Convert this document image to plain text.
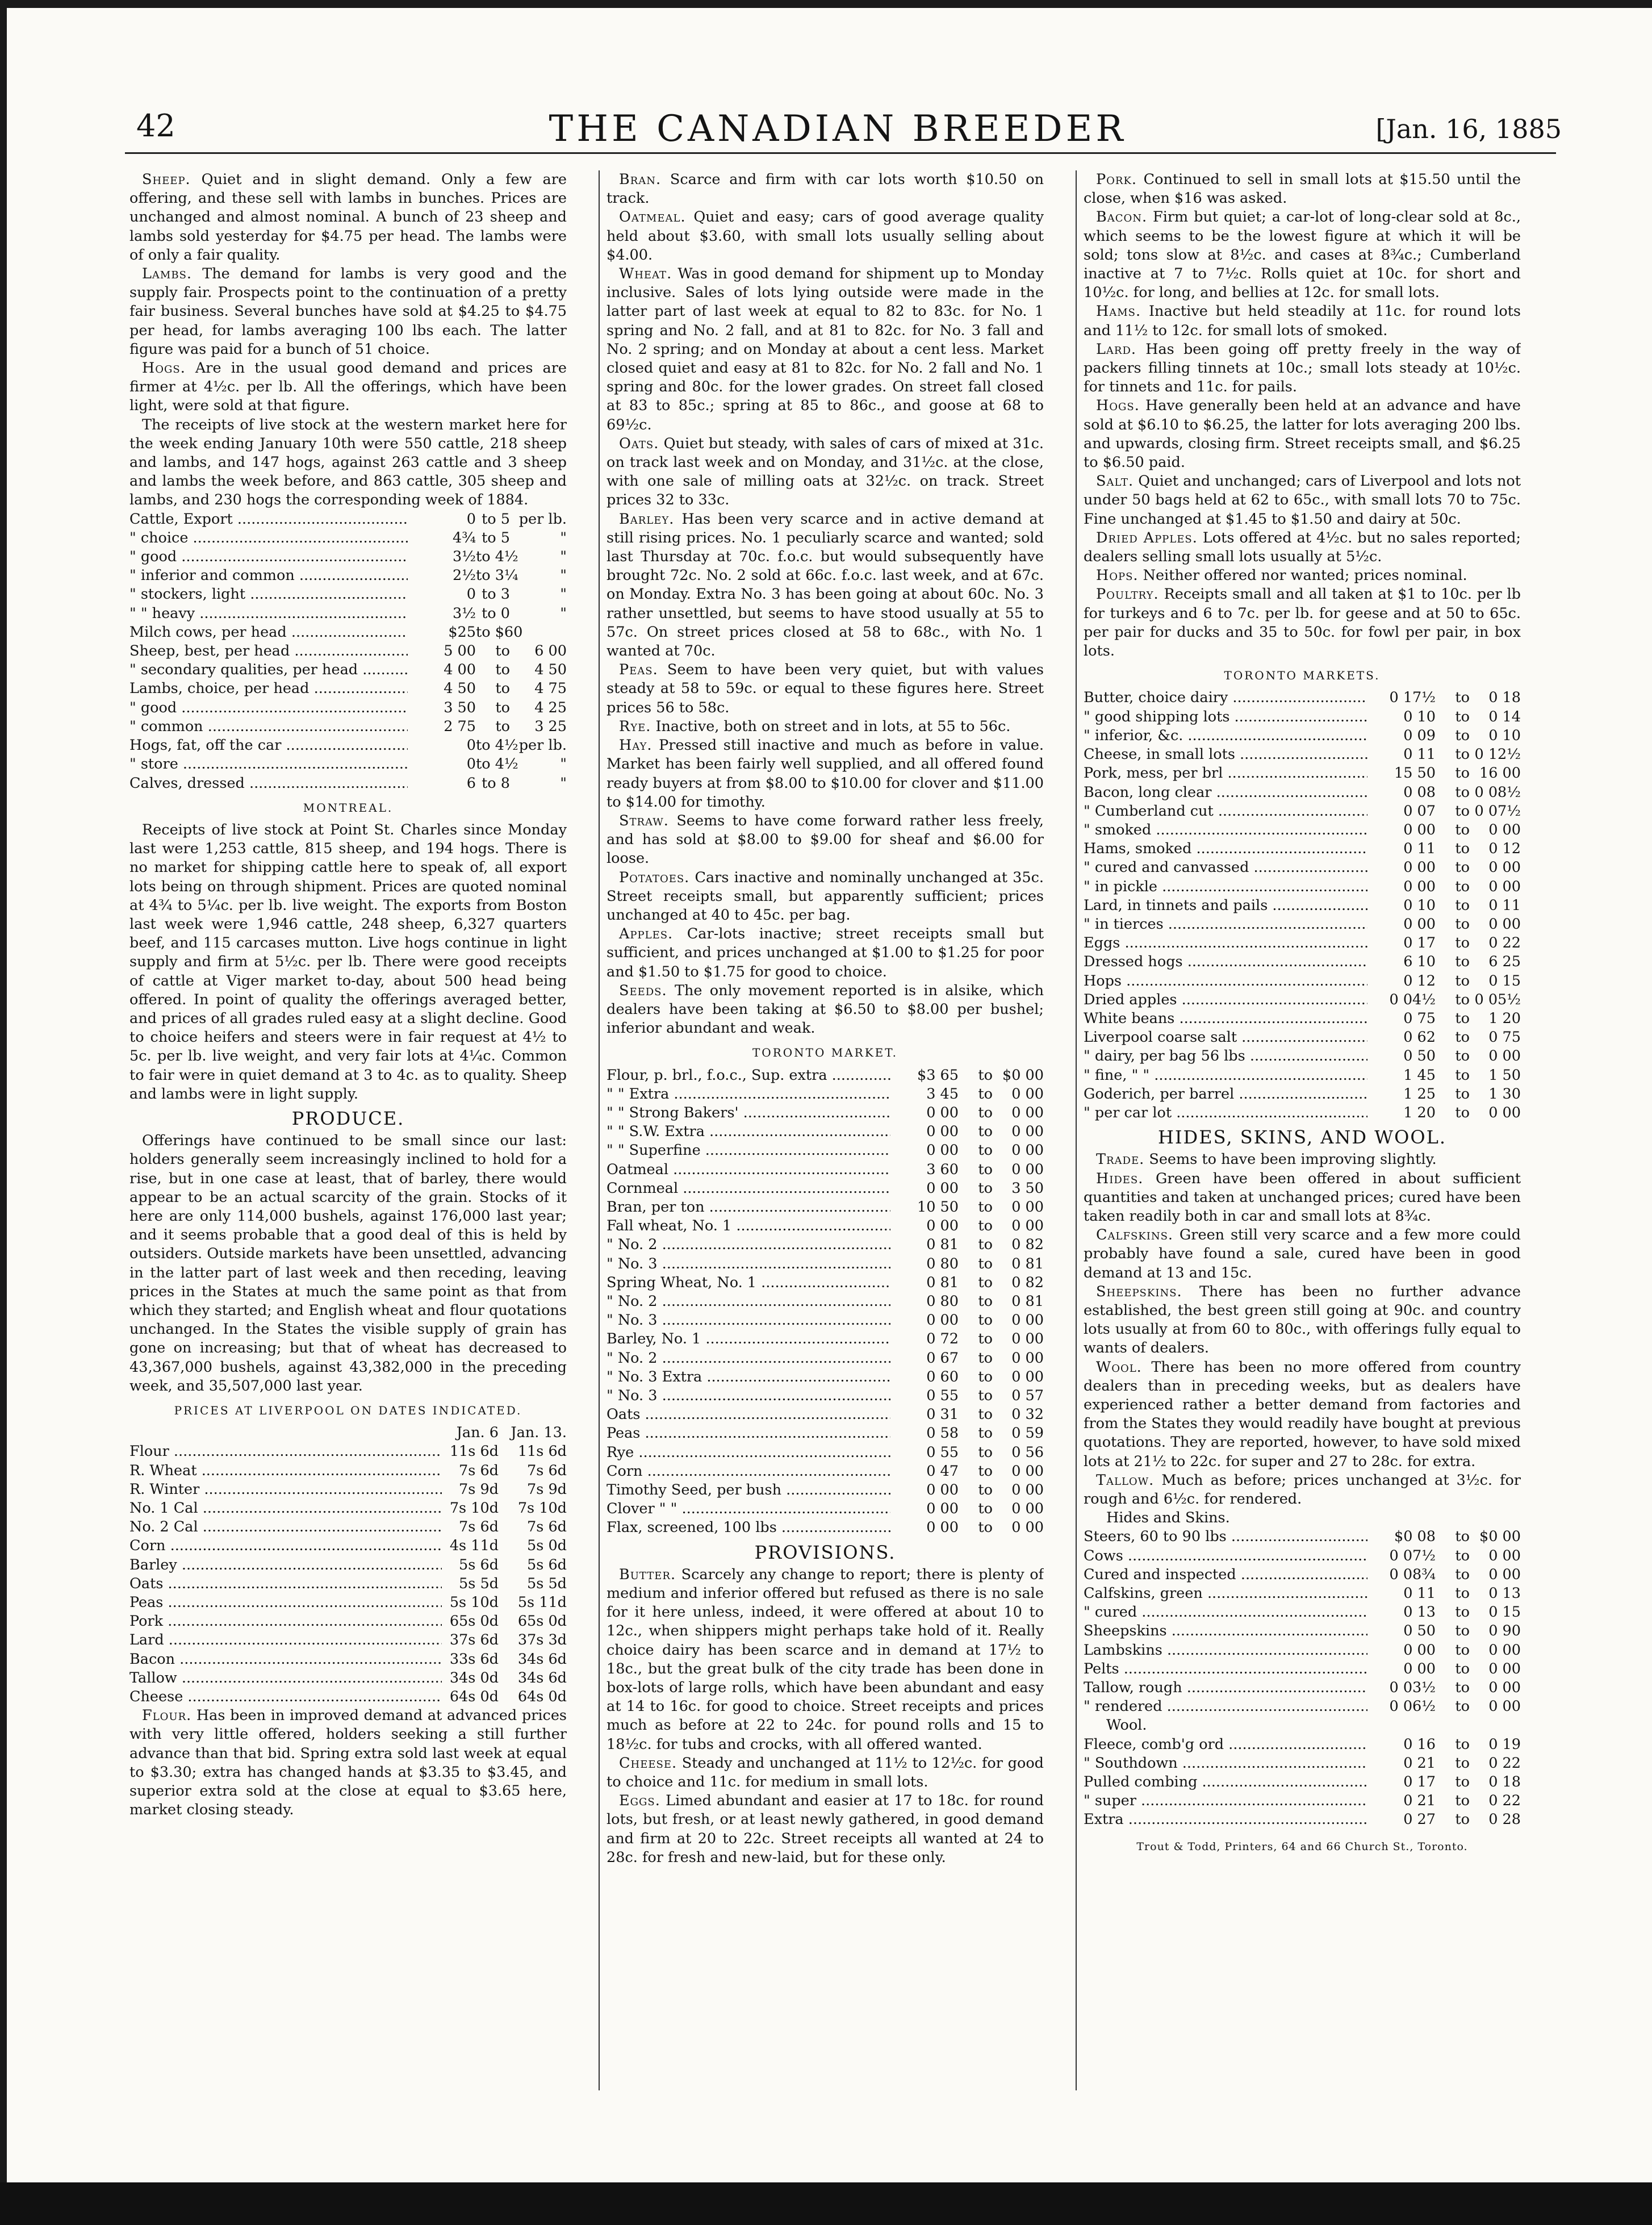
42	THE CANADIAN BREEDER	[Jan. 16, 1885

Sheep. Quiet and in slight demand. Only a few are offering, and these sell with lambs in bunches. Prices are unchanged and almost nominal. A bunch of 23 sheep and lambs sold yesterday for $4.75 per head. The lambs were of only a fair quality.

Lambs. The demand for lambs is very good and the supply fair. Prospects point to the continuation of a pretty fair business. Several bunches have sold at $4.25 to $4.75 per head, for lambs averaging 100 lbs each. The latter figure was paid for a bunch of 51 choice.

Hogs. Are in the usual good demand and prices are firmer at 4½c. per lb. All the offerings, which have been light, were sold at that figure.

The receipts of live stock at the western market here for the week ending January 10th were 550 cattle, 218 sheep and lambs, and 147 hogs, against 263 cattle and 3 sheep and lambs the week before, and 863 cattle, 305 sheep and lambs, and 230 hogs the corresponding week of 1884.

Cattle, Export .....	0 to 5 per lb.
" choice .....	4¾ to 5	"
" good .....	3½ to 4½	"
" inferior and common .....	2½ to 3¼	"
" stockers, light .....	0 to 3	"
" " heavy .....	3½ to 0	"
Milch cows, per head .....	$25 to $60
Sheep, best, per head .....	5 00	to	6 00
" secondary qualities, per head .....	4 00	to	4 50
Lambs, choice, per head .....	4 50	to	4 75
" good .....	3 50	to	4 25
" common .....	2 75	to	3 25
Hogs, fat, off the car .....	0 to 4½ per lb.
" store .....	0 to 4½	"
Calves, dressed .....	6 to 8	"
MONTREAL.

Receipts of live stock at Point St. Charles since Monday last were 1,253 cattle, 815 sheep, and 194 hogs. There is no market for shipping cattle here to speak of, all export lots being on through shipment. Prices are quoted nominal at 4¾ to 5¼c. per lb. live weight. The exports from Boston last week were 1,946 cattle, 248 sheep, 6,327 quarters beef, and 115 carcases mutton. Live hogs continue in light supply and firm at 5½c. per lb. There were good receipts of cattle at Viger market to-day, about 500 head being offered. In point of quality the offerings averaged better, and prices of all grades ruled easy at a slight decline. Good to choice heifers and steers were in fair request at 4½ to 5c. per lb. live weight, and very fair lots at 4¼c. Common to fair were in quiet demand at 3 to 4c. as to quality. Sheep and lambs were in light supply.

PRODUCE.

Offerings have continued to be small since our last: holders generally seem increasingly inclined to hold for a rise, but in one case at least, that of barley, there would appear to be an actual scarcity of the grain. Stocks of it here are only 114,000 bushels, against 176,000 last year; and it seems probable that a good deal of this is held by outsiders. Outside markets have been unsettled, advancing in the latter part of last week and then receding, leaving prices in the States at much the same point as that from which they started; and English wheat and flour quotations unchanged. In the States the visible supply of grain has gone on increasing; but that of wheat has decreased to 43,367,000 bushels, against 43,382,000 in the preceding week, and 35,507,000 last year.

PRICES AT LIVERPOOL ON DATES INDICATED.
Jan. 6 Jan. 13.
Flour .....	11s 6d	11s 6d
R. Wheat .....	7s 6d	7s 6d
R. Winter .....	7s 9d	7s 9d
No. 1 Cal .....	7s 10d	7s 10d
No. 2 Cal .....	7s 6d	7s 6d
Corn .....	4s 11d	5s 0d
Barley .....	5s 6d	5s 6d
Oats .....	5s 5d	5s 5d
Peas .....	5s 10d	5s 11d
Pork .....	65s 0d	65s 0d
Lard .....	37s 6d	37s 3d
Bacon .....	33s 6d	34s 6d
Tallow .....	34s 0d	34s 6d
Cheese .....	64s 0d	64s 0d

Flour. Has been in improved demand at advanced prices with very little offered, holders seeking a still further advance than that bid. Spring extra sold last week at equal to $3.30; extra has changed hands at $3.35 to $3.45, and superior extra sold at the close at equal to $3.65 here, market closing steady.

Bran. Scarce and firm with car lots worth $10.50 on track.

Oatmeal. Quiet and easy; cars of good average quality held about $3.60, with small lots usually selling about $4.00.

Wheat. Was in good demand for shipment up to Monday inclusive. Sales of lots lying outside were made in the latter part of last week at equal to 82 to 83c. for No. 1 spring and No. 2 fall, and at 81 to 82c. for No. 3 fall and No. 2 spring; and on Monday at about a cent less. Market closed quiet and easy at 81 to 82c. for No. 2 fall and No. 1 spring and 80c. for the lower grades. On street fall closed at 83 to 85c.; spring at 85 to 86c., and goose at 68 to 69½c.

Oats. Quiet but steady, with sales of cars of mixed at 31c. on track last week and on Monday, and 31½c. at the close, with one sale of milling oats at 32½c. on track. Street prices 32 to 33c.

Barley. Has been very scarce and in active demand at still rising prices. No. 1 peculiarly scarce and wanted; sold last Thursday at 70c. f.o.c. but would subsequently have brought 72c. No. 2 sold at 66c. f.o.c. last week, and at 67c. on Monday. Extra No. 3 has been going at about 60c. No. 3 rather unsettled, but seems to have stood usually at 55 to 57c. On street prices closed at 58 to 68c., with No. 1 wanted at 70c.

Peas. Seem to have been very quiet, but with values steady at 58 to 59c. or equal to these figures here. Street prices 56 to 58c.

Rye. Inactive, both on street and in lots, at 55 to 56c.

Hay. Pressed still inactive and much as before in value. Market has been fairly well supplied, and all offered found ready buyers at from $8.00 to $10.00 for clover and $11.00 to $14.00 for timothy.

Straw. Seems to have come forward rather less freely, and has sold at $8.00 to $9.00 for sheaf and $6.00 for loose.

Potatoes. Cars inactive and nominally unchanged at 35c. Street receipts small, but apparently sufficient; prices unchanged at 40 to 45c. per bag.

Apples. Car-lots inactive; street receipts small but sufficient, and prices unchanged at $1.00 to $1.25 for poor and $1.50 to $1.75 for good to choice.

Seeds. The only movement reported is in alsike, which dealers have been taking at $6.50 to $8.00 per bushel; inferior abundant and weak.

TORONTO MARKET.
Flour, p. brl., f.o.c., Sup. extra .....	$3 65	to $0 00
" " Extra .....	3 45	to	0 00
" " Strong Bakers' .....	0 00	to	0 00
" " S.W. Extra .....	0 00	to	0 00
" " Superfine .....	0 00	to	0 00
Oatmeal .....	3 60	to	0 00
Cornmeal .....	0 00	to	3 50
Bran, per ton .....	10 50	to	0 00
Fall wheat, No. 1 .....	0 00	to	0 00
" No. 2 .....	0 81	to	0 82
" No. 3 .....	0 80	to	0 81
Spring Wheat, No. 1 .....	0 81	to	0 82
" No. 2 .....	0 80	to	0 81
" No. 3 .....	0 00	to	0 00
Barley, No. 1 .....	0 72	to	0 00
" No. 2 .....	0 67	to	0 00
" No. 3 Extra .....	0 60	to	0 00
" No. 3 .....	0 55	to	0 57
Oats .....	0 31	to	0 32
Peas .....	0 58	to	0 59
Rye .....	0 55	to	0 56
Corn .....	0 47	to	0 00
Timothy Seed, per bush .....	0 00	to	0 00
Clover " " .....	0 00	to	0 00
Flax, screened, 100 lbs .....	0 00	to	0 00
PROVISIONS.

Butter. Scarcely any change to report; there is plenty of medium and inferior offered but refused as there is no sale for it here unless, indeed, it were offered at about 10 to 12c., when shippers might perhaps take hold of it. Really choice dairy has been scarce and in demand at 17½ to 18c., but the great bulk of the city trade has been done in box-lots of large rolls, which have been abundant and easy at 14 to 16c. for good to choice. Street receipts and prices much as before at 22 to 24c. for pound rolls and 15 to 18½c. for tubs and crocks, with all offered wanted.

Cheese. Steady and unchanged at 11½ to 12½c. for good to choice and 11c. for medium in small lots.

Eggs. Limed abundant and easier at 17 to 18c. for round lots, but fresh, or at least newly gathered, in good demand and firm at 20 to 22c. Street receipts all wanted at 24 to 28c. for fresh and new-laid, but for these only.

Pork. Continued to sell in small lots at $15.50 until the close, when $16 was asked.

Bacon. Firm but quiet; a car-lot of long-clear sold at 8c., which seems to be the lowest figure at which it will be sold; tons slow at 8½c. and cases at 8¾c.; Cumberland inactive at 7 to 7½c. Rolls quiet at 10c. for short and 10½c. for long, and bellies at 12c. for small lots.

Hams. Inactive but held steadily at 11c. for round lots and 11½ to 12c. for small lots of smoked.

Lard. Has been going off pretty freely in the way of packers filling tinnets at 10c.; small lots steady at 10½c. for tinnets and 11c. for pails.

Hogs. Have generally been held at an advance and have sold at $6.10 to $6.25, the latter for lots averaging 200 lbs. and upwards, closing firm. Street receipts small, and $6.25 to $6.50 paid.

Salt. Quiet and unchanged; cars of Liverpool and lots not under 50 bags held at 62 to 65c., with small lots 70 to 75c. Fine unchanged at $1.45 to $1.50 and dairy at 50c.

Dried Apples. Lots offered at 4½c. but no sales reported; dealers selling small lots usually at 5½c.

Hops. Neither offered nor wanted; prices nominal.

Poultry. Receipts small and all taken at $1 to 10c. per lb for turkeys and 6 to 7c. per lb. for geese and at 50 to 65c. per pair for ducks and 35 to 50c. for fowl per pair, in box lots.

TORONTO MARKETS.
Butter, choice dairy .....	0 17½	to	0 18
" good shipping lots .....	0 10	to	0 14
" inferior, &c. .....	0 09	to	0 10
Cheese, in small lots .....	0 11	to 0 12½
Pork, mess, per brl .....	15 50	to 16 00
Bacon, long clear .....	0 08	to 0 08½
" Cumberland cut .....	0 07	to 0 07½
" smoked .....	0 00	to	0 00
Hams, smoked .....	0 11	to	0 12
" cured and canvassed .....	0 00	to	0 00
" in pickle .....	0 00	to	0 00
Lard, in tinnets and pails .....	0 10	to	0 11
" in tierces .....	0 00	to	0 00
Eggs .....	0 17	to	0 22
Dressed hogs .....	6 10	to	6 25
Hops .....	0 12	to	0 15
Dried apples .....	0 04½	to 0 05½
White beans .....	0 75	to	1 20
Liverpool coarse salt .....	0 62	to	0 75
" dairy, per bag 56 lbs .....	0 50	to	0 00
" fine, " " .....	1 45	to	1 50
Goderich, per barrel .....	1 25	to	1 30
" per car lot .....	1 20	to	0 00
HIDES, SKINS, AND WOOL.

Trade. Seems to have been improving slightly.

Hides. Green have been offered in about sufficient quantities and taken at unchanged prices; cured have been taken readily both in car and small lots at 8¾c.

Calfskins. Green still very scarce and a few more could probably have found a sale, cured have been in good demand at 13 and 15c.

Sheepskins. There has been no further advance established, the best green still going at 90c. and country lots usually at from 60 to 80c., with offerings fully equal to wants of dealers.

Wool. There has been no more offered from country dealers than in preceding weeks, but as dealers have experienced rather a better demand from factories and from the States they would readily have bought at previous quotations. They are reported, however, to have sold mixed lots at 21½ to 22c. for super and 27 to 28c. for extra.

Tallow. Much as before; prices unchanged at 3½c. for rough and 6½c. for rendered.

Hides and Skins.

Steers, 60 to 90 lbs .....	$0 08	to $0 00
Cows .....	0 07½	to	0 00
Cured and inspected .....	0 08¾	to	0 00
Calfskins, green .....	0 11	to	0 13
" cured .....	0 13	to	0 15
Sheepskins .....	0 50	to	0 90
Lambskins .....	0 00	to	0 00
Pelts .....	0 00	to	0 00
Tallow, rough .....	0 03½	to	0 00
" rendered .....	0 06½	to	0 00

Wool.

Fleece, comb'g ord .....	0 16	to	0 19
" Southdown .....	0 21	to	0 22
Pulled combing .....	0 17	to	0 18
" super .....	0 21	to	0 22
Extra .....	0 27	to	0 28
Trout & Todd, Printers, 64 and 66 Church St., Toronto.
